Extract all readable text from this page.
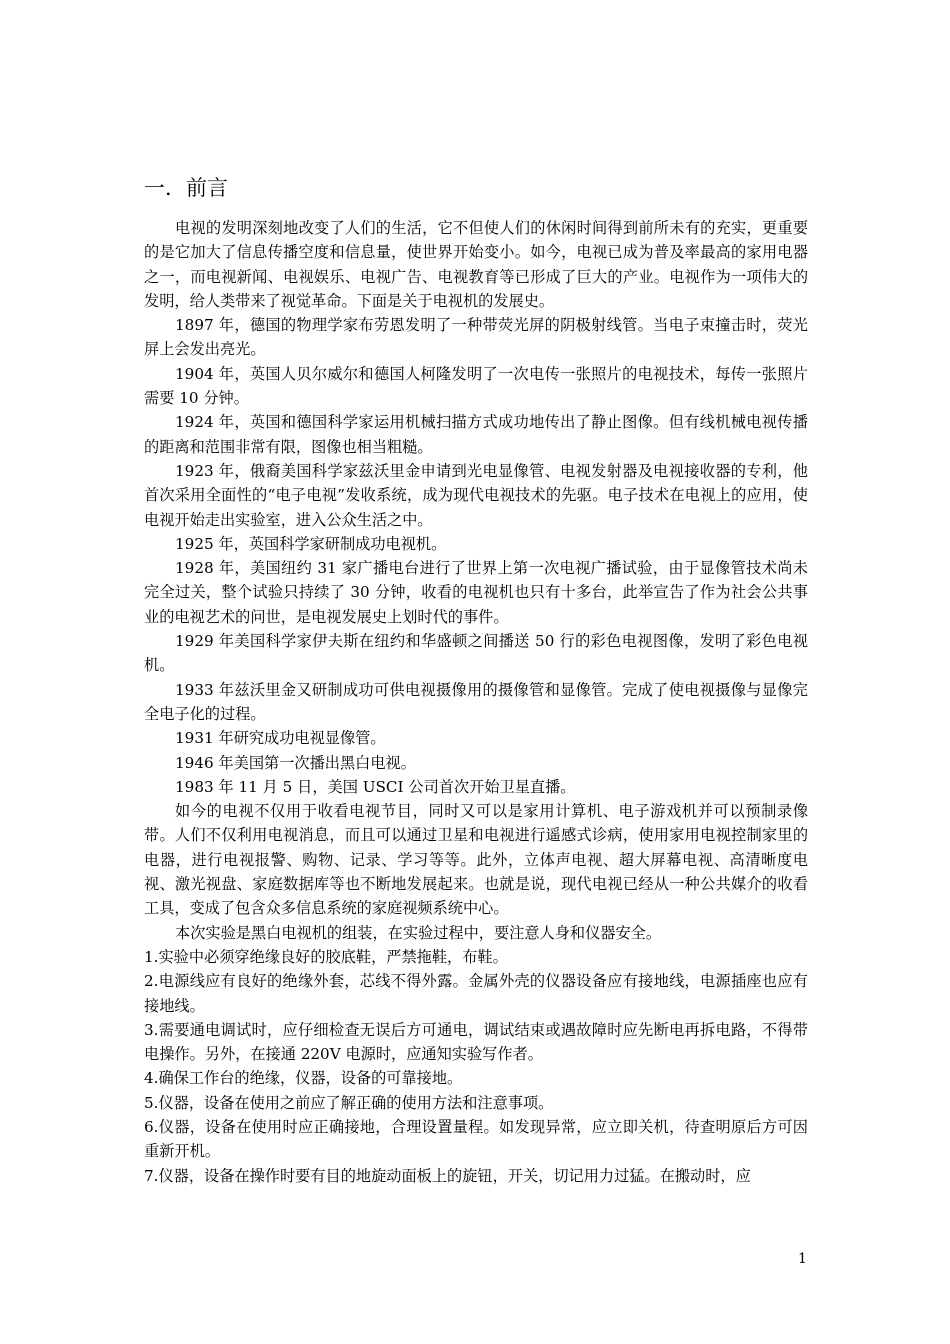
一．前言

电视的发明深刻地改变了人们的生活，它不但使人们的休闲时间得到前所未有的充实，更重要的是它加大了信息传播空度和信息量，使世界开始变小。如今，电视已成为普及率最高的家用电器之一，而电视新闻、电视娱乐、电视广告、电视教育等已形成了巨大的产业。电视作为一项伟大的发明，给人类带来了视觉革命。下面是关于电视机的发展史。

1897 年，德国的物理学家布劳恩发明了一种带荧光屏的阴极射线管。当电子束撞击时，荧光屏上会发出亮光。

1904 年，英国人贝尔威尔和德国人柯隆发明了一次电传一张照片的电视技术，每传一张照片需要 10 分钟。

1924 年，英国和德国科学家运用机械扫描方式成功地传出了静止图像。但有线机械电视传播的距离和范围非常有限，图像也相当粗糙。

1923 年，俄裔美国科学家兹沃里金申请到光电显像管、电视发射器及电视接收器的专利，他首次采用全面性的“电子电视”发收系统，成为现代电视技术的先驱。电子技术在电视上的应用，使电视开始走出实验室，进入公众生活之中。

1925 年，英国科学家研制成功电视机。

1928 年，美国纽约 31 家广播电台进行了世界上第一次电视广播试验，由于显像管技术尚未完全过关，整个试验只持续了 30 分钟，收看的电视机也只有十多台，此举宣告了作为社会公共事业的电视艺术的问世，是电视发展史上划时代的事件。

1929 年美国科学家伊夫斯在纽约和华盛顿之间播送 50 行的彩色电视图像，发明了彩色电视机。

1933 年兹沃里金又研制成功可供电视摄像用的摄像管和显像管。完成了使电视摄像与显像完全电子化的过程。

1931 年研究成功电视显像管。

1946 年美国第一次播出黑白电视。

1983 年 11 月 5 日，美国 USCI 公司首次开始卫星直播。

如今的电视不仅用于收看电视节目，同时又可以是家用计算机、电子游戏机并可以预制录像带。人们不仅利用电视消息，而且可以通过卫星和电视进行遥感式诊病，使用家用电视控制家里的电器，进行电视报警、购物、记录、学习等等。此外，立体声电视、超大屏幕电视、高清晰度电视、激光视盘、家庭数据库等也不断地发展起来。也就是说，现代电视已经从一种公共媒介的收看工具，变成了包含众多信息系统的家庭视频系统中心。

本次实验是黑白电视机的组装，在实验过程中，要注意人身和仪器安全。

1.实验中必须穿绝缘良好的胶底鞋，严禁拖鞋，布鞋。

2.电源线应有良好的绝缘外套，芯线不得外露。金属外壳的仪器设备应有接地线，电源插座也应有接地线。

3.需要通电调试时，应仔细检查无误后方可通电，调试结束或遇故障时应先断电再拆电路，不得带电操作。另外，在接通 220V 电源时，应通知实验写作者。

4.确保工作台的绝缘，仪器，设备的可靠接地。

5.仪器，设备在使用之前应了解正确的使用方法和注意事项。

6.仪器，设备在使用时应正确接地，合理设置量程。如发现异常，应立即关机，待查明原后方可因重新开机。

7.仪器，设备在操作时要有目的地旋动面板上的旋钮，开关，切记用力过猛。在搬动时，应

1
